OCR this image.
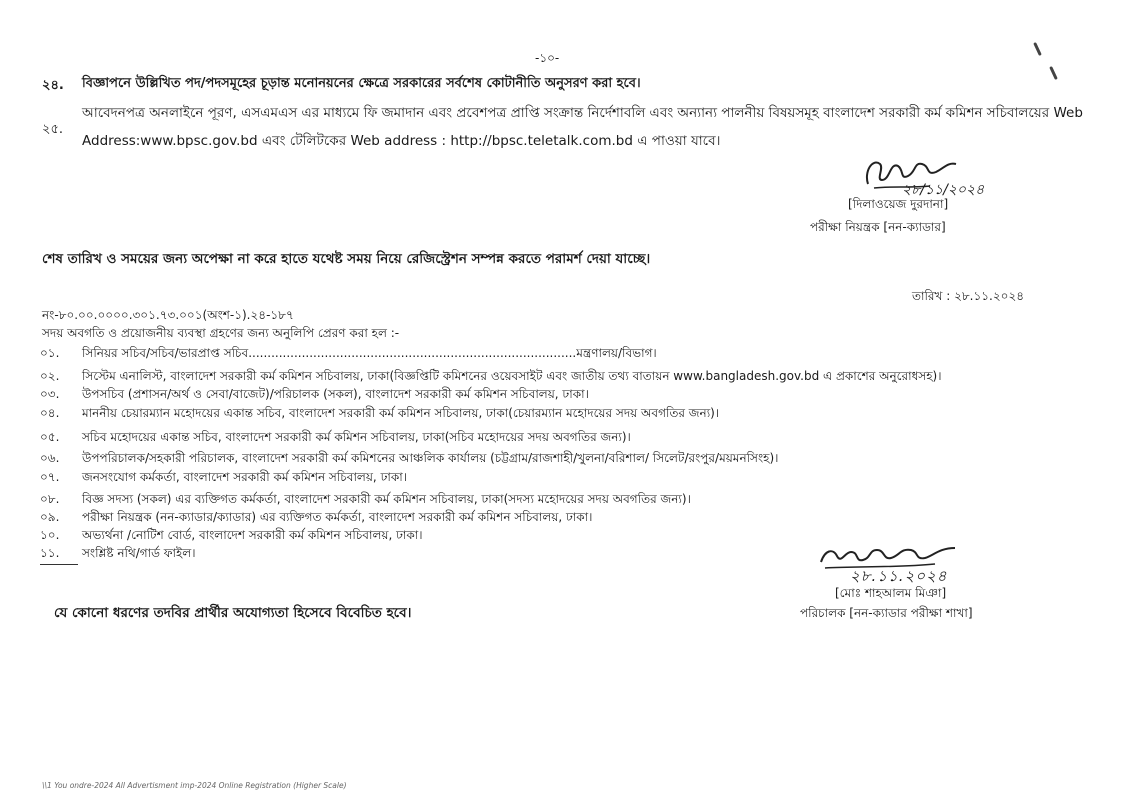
-১০-
২৪. বিজ্ঞাপনে উল্লিখিত পদ/পদসমূহের চূড়ান্ত মনোনয়নের ক্ষেত্রে সরকারের সর্বশেষ কোটানীতি অনুসরণ করা হবে।
২৫.
আবেদনপত্র অনলাইনে পূরণ, এসএমএস এর মাধ্যমে ফি জমাদান এবং প্রবেশপত্র প্রাপ্তি সংক্রান্ত নির্দেশাবলি এবং অন্যান্য পালনীয় বিষয়সমূহ বাংলাদেশ সরকারী কর্ম কমিশন সচিবালয়ের Web
Address:www.bpsc.gov.bd এবং টেলিটকের Web address : http://bpsc.teletalk.com.bd এ পাওয়া যাবে।
২৮/১১/২০২৪
[দিলাওয়েজ দুরদানা]
পরীক্ষা নিয়ন্ত্রক [নন-ক্যাডার]
শেষ তারিখ ও সময়ের জন্য অপেক্ষা না করে হাতে যথেষ্ট সময় নিয়ে রেজিস্ট্রেশন সম্পন্ন করতে পরামর্শ দেয়া যাচ্ছে।
নং-৮০.০০.০০০০.৩০১.৭৩.০০১(অংশ-১).২৪-১৮৭
তারিখ : ২৮.১১.২০২৪
সদয় অবগতি ও প্রয়োজনীয় ব্যবস্থা গ্রহণের জন্য অনুলিপি প্রেরণ করা হল :-
০১.	সিনিয়র সচিব/সচিব/ভারপ্রাপ্ত সচিব......................................................................................মন্ত্রণালয়/বিভাগ।
০২.	সিস্টেম এনালিস্ট, বাংলাদেশ সরকারী কর্ম কমিশন সচিবালয়, ঢাকা(বিজ্ঞপ্তিটি কমিশনের ওয়েবসাইট এবং জাতীয় তথ্য বাতায়ন www.bangladesh.gov.bd এ প্রকাশের অনুরোধসহ)।
০৩.	উপসচিব (প্রশাসন/অর্থ ও সেবা/বাজেট)/পরিচালক (সকল), বাংলাদেশ সরকারী কর্ম কমিশন সচিবালয়, ঢাকা।
০৪.	মাননীয় চেয়ারম্যান মহোদয়ের একান্ত সচিব, বাংলাদেশ সরকারী কর্ম কমিশন সচিবালয়, ঢাকা(চেয়ারম্যান মহোদয়ের সদয় অবগতির জন্য)।
০৫.	সচিব মহোদয়ের একান্ত সচিব, বাংলাদেশ সরকারী কর্ম কমিশন সচিবালয়, ঢাকা(সচিব মহোদয়ের সদয় অবগতির জন্য)।
০৬.	উপপরিচালক/সহকারী পরিচালক, বাংলাদেশ সরকারী কর্ম কমিশনের আঞ্চলিক কার্যালয় (চট্টগ্রাম/রাজশাহী/খুলনা/বরিশাল/ সিলেট/রংপুর/ময়মনসিংহ)।
০৭.	জনসংযোগ কর্মকর্তা, বাংলাদেশ সরকারী কর্ম কমিশন সচিবালয়, ঢাকা।
০৮.	বিজ্ঞ সদস্য (সকল) এর ব্যক্তিগত কর্মকর্তা, বাংলাদেশ সরকারী কর্ম কমিশন সচিবালয়, ঢাকা(সদস্য মহোদয়ের সদয় অবগতির জন্য)।
০৯.	পরীক্ষা নিয়ন্ত্রক (নন-ক্যাডার/ক্যাডার) এর ব্যক্তিগত কর্মকর্তা, বাংলাদেশ সরকারী কর্ম কমিশন সচিবালয়, ঢাকা।
১০.	অভ্যর্থনা /নোটিশ বোর্ড, বাংলাদেশ সরকারী কর্ম কমিশন সচিবালয়, ঢাকা।
১১.	সংশ্লিষ্ট নথি/গার্ড ফাইল।
২৮.১১.২০২৪
[মোঃ শাহআলম মিঞা]
পরিচালক [নন-ক্যাডার পরীক্ষা শাখা]
যে কোনো ধরণের তদবির প্রার্থীর অযোগ্যতা হিসেবে বিবেচিত হবে।
\\1 You ondre-2024 All Advertisment imp-2024 Online Registration (Higher Scale)
